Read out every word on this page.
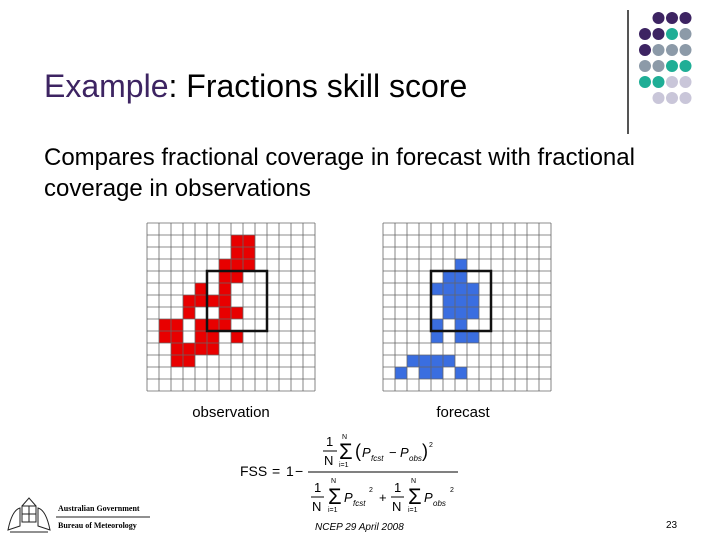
Example: Fractions skill score
Compares fractional coverage in forecast with fractional coverage in observations
observation	forecast
FSS = 1 −
1
N
N
Σ
i=1
( P fcst − P obs ) 2
1
N
N
Σ
i=1
P fcst
2 +
1
N
N
Σ
i=1
P obs
2
Australian Government
Bureau of Meteorology	NCEP 29 April 2008	23
